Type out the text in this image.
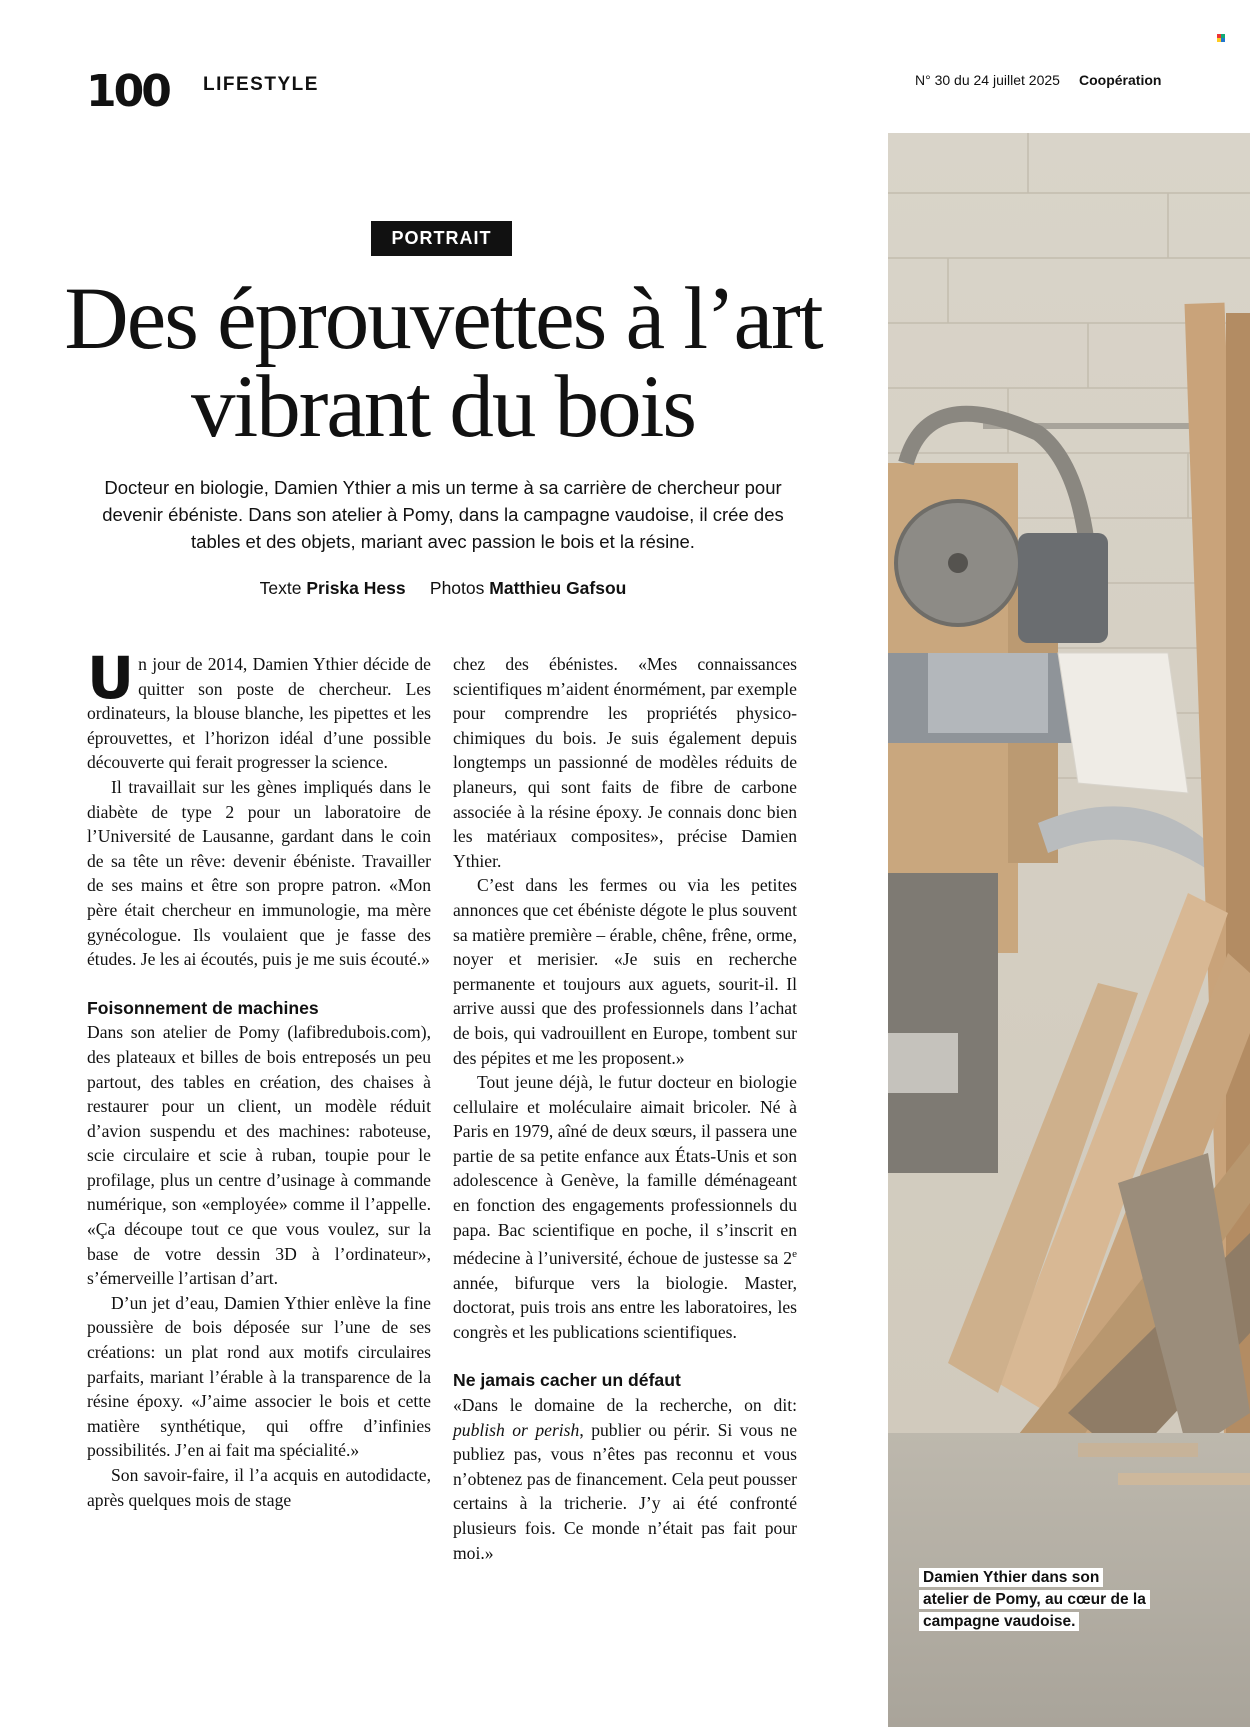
100 LIFESTYLE	N° 30 du 24 juillet 2025 Coopération
PORTRAIT
Des éprouvettes à l’art vibrant du bois

Docteur en biologie, Damien Ythier a mis un terme à sa carrière de chercheur pour devenir ébéniste. Dans son atelier à Pomy, dans la campagne vaudoise, il crée des tables et des objets, mariant avec passion le bois et la résine.

Texte Priska Hess Photos Matthieu Gafsou

Un jour de 2014, Damien Ythier décide de quitter son poste de chercheur. Les ordinateurs, la blouse blanche, les pipettes et les éprouvettes, et l’horizon idéal d’une possible découverte qui ferait progresser la science.

Il travaillait sur les gènes impliqués dans le diabète de type 2 pour un laboratoire de l’Université de Lausanne, gardant dans le coin de sa tête un rêve: devenir ébéniste. Travailler de ses mains et être son propre patron. «Mon père était chercheur en immunologie, ma mère gynécologue. Ils voulaient que je fasse des études. Je les ai écoutés, puis je me suis écouté.»

Foisonnement de machines

Dans son atelier de Pomy (lafibredubois.com), des plateaux et billes de bois entreposés un peu partout, des tables en création, des chaises à restaurer pour un client, un modèle réduit d’avion suspendu et des machines: raboteuse, scie circulaire et scie à ruban, toupie pour le profilage, plus un centre d’usinage à commande numérique, son «employée» comme il l’appelle. «Ça découpe tout ce que vous voulez, sur la base de votre dessin 3D à l’ordinateur», s’émerveille l’artisan d’art.

D’un jet d’eau, Damien Ythier enlève la fine poussière de bois déposée sur l’une de ses créations: un plat rond aux motifs circulaires parfaits, mariant l’érable à la transparence de la résine époxy. «J’aime associer le bois et cette matière synthétique, qui offre d’infinies possibilités. J’en ai fait ma spécialité.»

Son savoir-faire, il l’a acquis en autodidacte, après quelques mois de stage

chez des ébénistes. «Mes connaissances scientifiques m’aident énormément, par exemple pour comprendre les propriétés physico-chimiques du bois. Je suis également depuis longtemps un passionné de modèles réduits de planeurs, qui sont faits de fibre de carbone associée à la résine époxy. Je connais donc bien les matériaux composites», précise Damien Ythier.

C’est dans les fermes ou via les petites annonces que cet ébéniste dégote le plus souvent sa matière première – érable, chêne, frêne, orme, noyer et merisier. «Je suis en recherche permanente et toujours aux aguets, sourit-il. Il arrive aussi que des professionnels dans l’achat de bois, qui vadrouillent en Europe, tombent sur des pépites et me les proposent.»

Tout jeune déjà, le futur docteur en biologie cellulaire et moléculaire aimait bricoler. Né à Paris en 1979, aîné de deux sœurs, il passera une partie de sa petite enfance aux États-Unis et son adolescence à Genève, la famille déménageant en fonction des engagements professionnels du papa. Bac scientifique en poche, il s’inscrit en médecine à l’université, échoue de justesse sa 2e année, bifurque vers la biologie. Master, doctorat, puis trois ans entre les laboratoires, les congrès et les publications scientifiques.

Ne jamais cacher un défaut

«Dans le domaine de la recherche, on dit: publish or perish, publier ou périr. Si vous ne publiez pas, vous n’êtes pas reconnu et vous n’obtenez pas de financement. Cela peut pousser certains à la tricherie. J’y ai été confronté plusieurs fois. Ce monde n’était pas fait pour moi.»

Damien Ythier dans son atelier de Pomy, au cœur de la campagne vaudoise.
